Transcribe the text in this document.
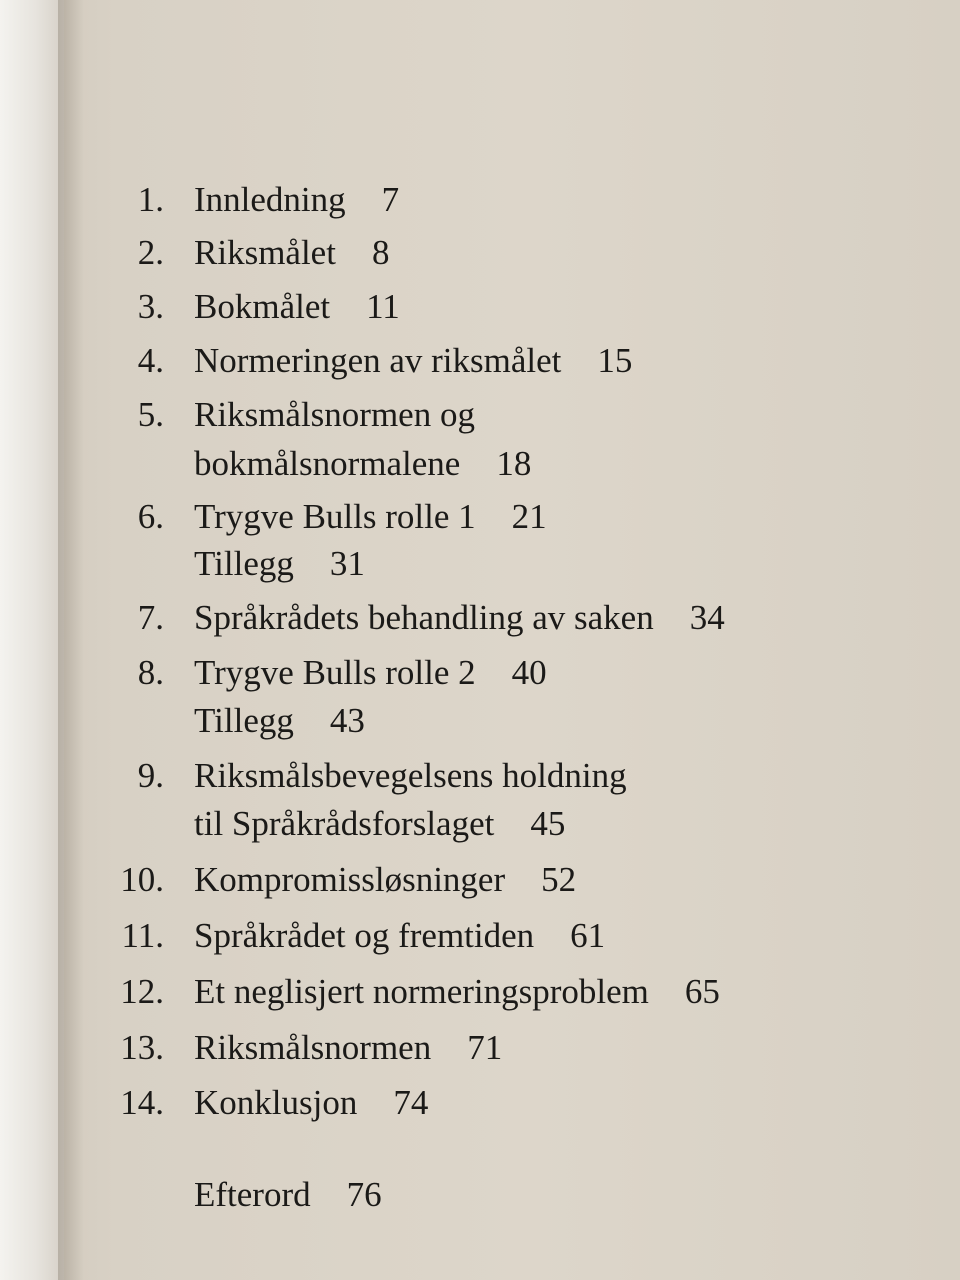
1. Innledning 7
2. Riksmålet 8
3. Bokmålet 11
4. Normeringen av riksmålet 15
5. Riksmålsnormen og
bokmålsnormalene 18
6. Trygve Bulls rolle 1 21
Tillegg 31
7. Språkrådets behandling av saken 34
8. Trygve Bulls rolle 2 40
Tillegg 43
9. Riksmålsbevegelsens holdning
til Språkrådsforslaget 45
10. Kompromissløsninger 52
11. Språkrådet og fremtiden 61
12. Et neglisjert normeringsproblem 65
13. Riksmålsnormen 71
14. Konklusjon 74
Efterord 76
